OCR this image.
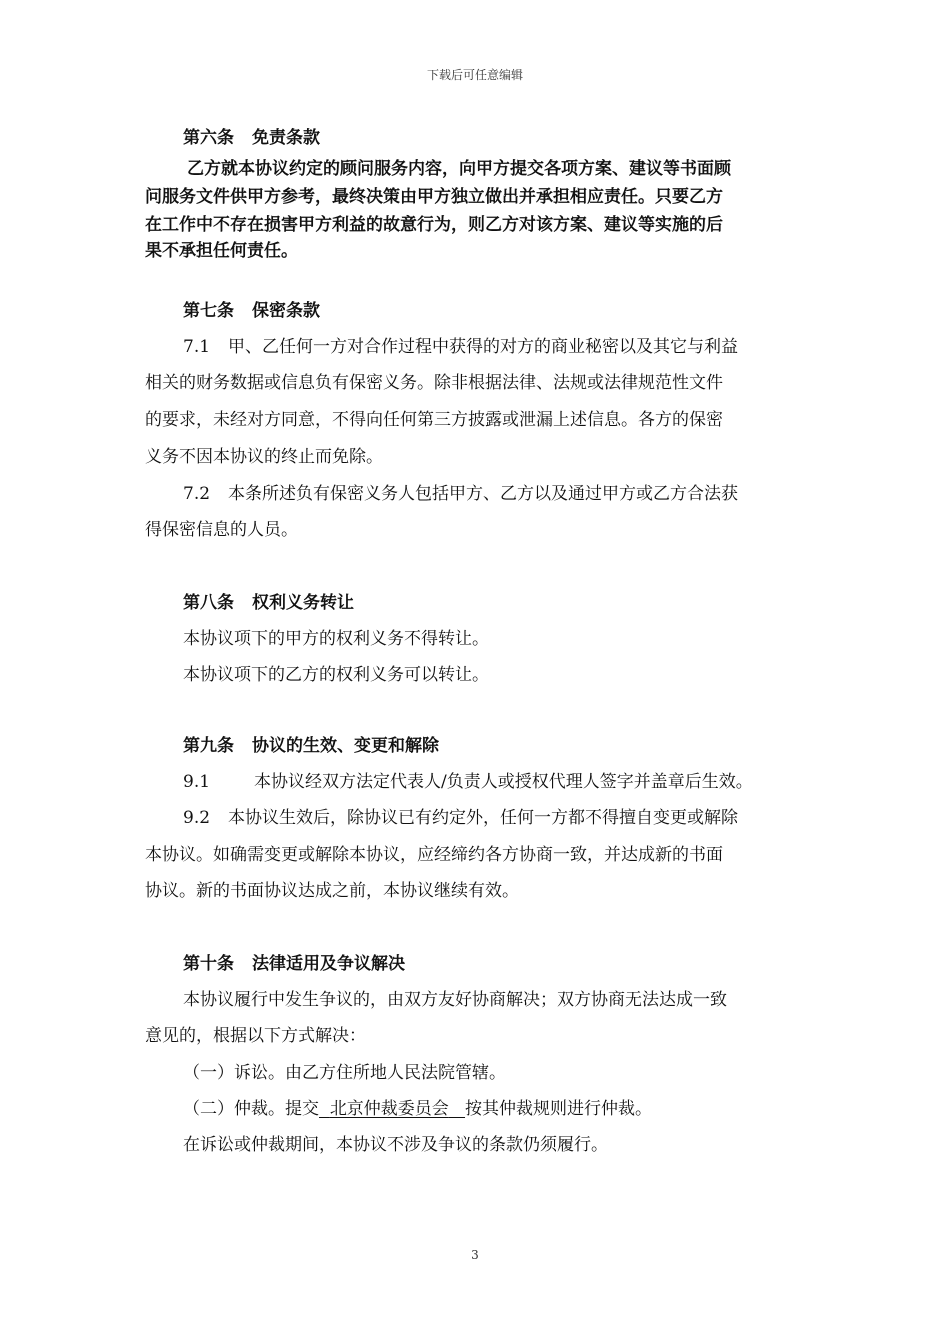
下载后可任意编辑
第六条 免责条款
乙方就本协议约定的顾问服务内容，向甲方提交各项方案、建议等书面顾
问服务文件供甲方参考，最终决策由甲方独立做出并承担相应责任。只要乙方
在工作中不存在损害甲方利益的故意行为，则乙方对该方案、建议等实施的后
果不承担任何责任。
第七条 保密条款
7.1 甲、乙任何一方对合作过程中获得的对方的商业秘密以及其它与利益
相关的财务数据或信息负有保密义务。除非根据法律、法规或法律规范性文件
的要求，未经对方同意，不得向任何第三方披露或泄漏上述信息。各方的保密
义务不因本协议的终止而免除。
7.2 本条所述负有保密义务人包括甲方、乙方以及通过甲方或乙方合法获
得保密信息的人员。
第八条 权利义务转让
本协议项下的甲方的权利义务不得转让。
本协议项下的乙方的权利义务可以转让。
第九条 协议的生效、变更和解除
9.1	本协议经双方法定代表人/负责人或授权代理人签字并盖章后生效。
9.2 本协议生效后，除协议已有约定外，任何一方都不得擅自变更或解除
本协议。如确需变更或解除本协议，应经缔约各方协商一致，并达成新的书面
协议。新的书面协议达成之前，本协议继续有效。
第十条 法律适用及争议解决
本协议履行中发生争议的，由双方友好协商解决；双方协商无法达成一致
意见的，根据以下方式解决：
（一）诉讼。由乙方住所地人民法院管辖。
（二）仲裁。提交 北京仲裁委员会 按其仲裁规则进行仲裁。
在诉讼或仲裁期间，本协议不涉及争议的条款仍须履行。
3
